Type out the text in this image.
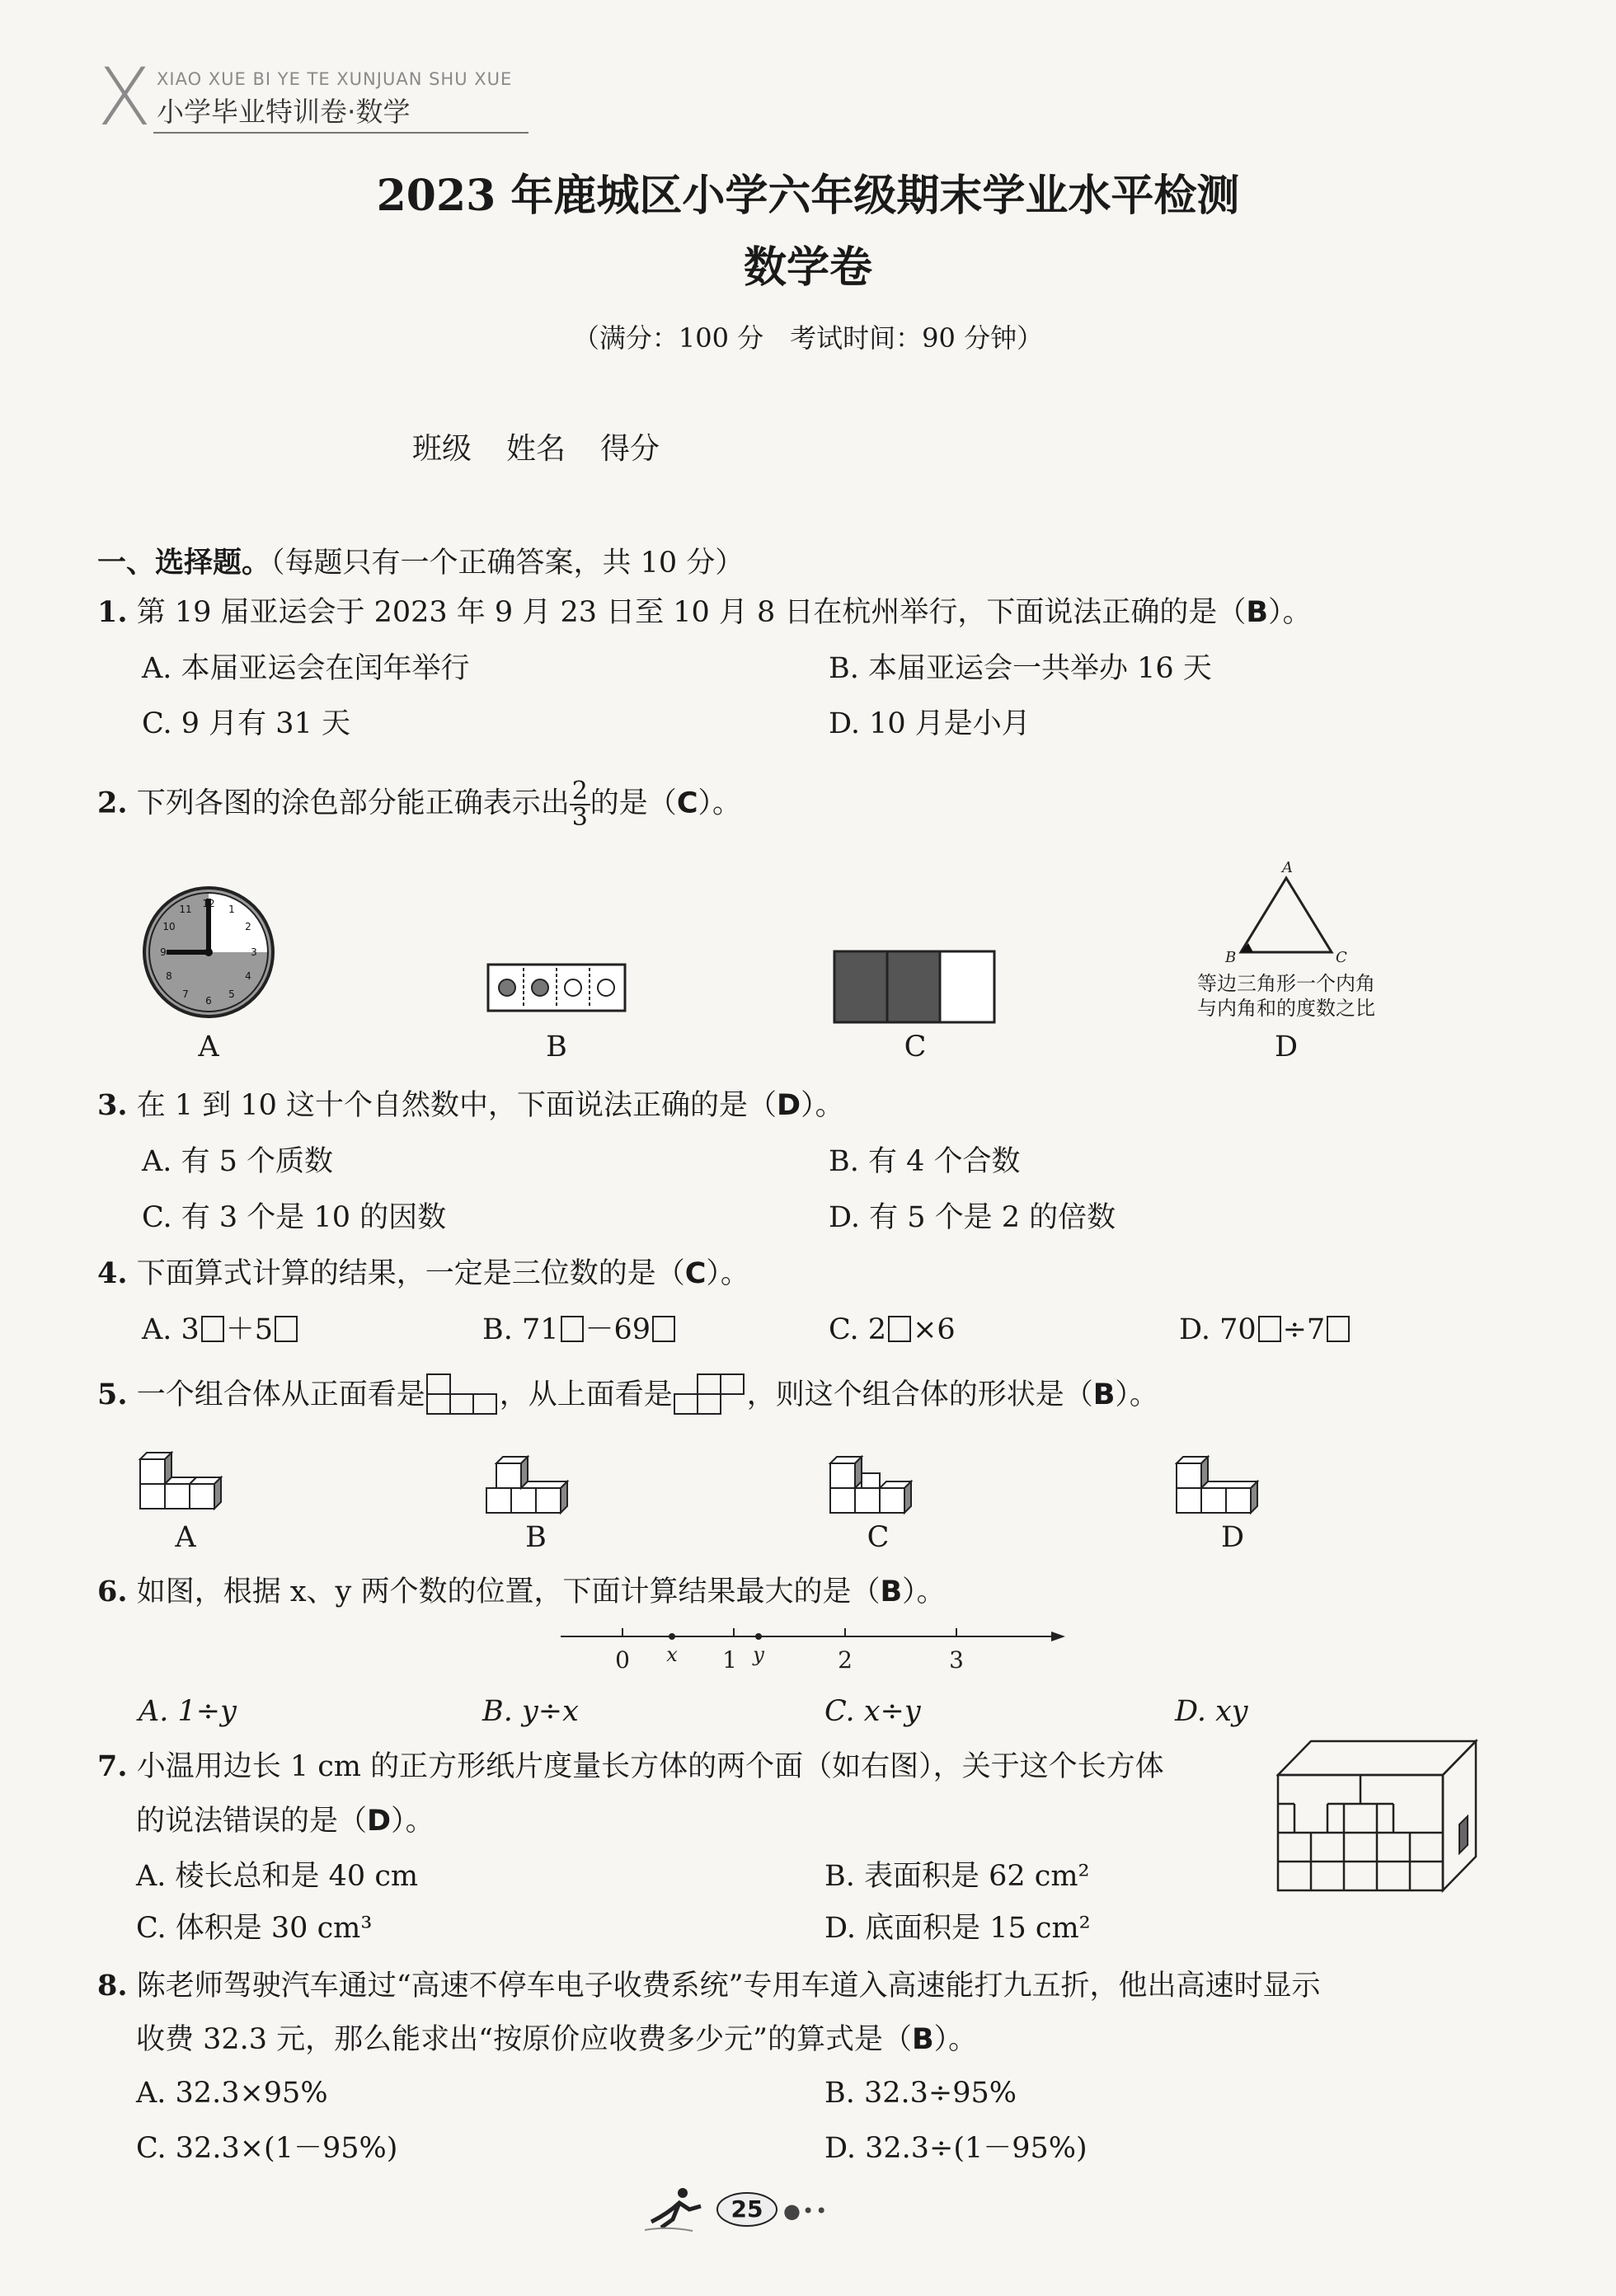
X XIAO XUE BI YE TE XUNJUAN SHU XUE
小学毕业特训卷·数学
2023 年鹿城区小学六年级期末学业水平检测
数学卷
（满分：100 分　考试时间：90 分钟）
班级 姓名 得分
一、选择题。（每题只有一个正确答案，共 10 分）
1. 第 19 届亚运会于 2023 年 9 月 23 日至 10 月 8 日在杭州举行，下面说法正确的是（B）。
A. 本届亚运会在闰年举行	B. 本届亚运会一共举办 16 天
C. 9 月有 31 天	D. 10 月是小月
2. 下列各图的涂色部分能正确表示出 $\frac{2}{3}$ 的是（C）。
12 1
2
3
4
5
6
7
8
9
10
11
A
B	C
等边三角形一个内角
与内角和的度数之比
A	B	C	D
3. 在 1 到 10 这十个自然数中，下面说法正确的是（D）。
A. 有 5 个质数	B. 有 4 个合数
C. 有 3 个是 10 的因数	D. 有 5 个是 2 的倍数
4. 下面算式计算的结果，一定是三位数的是（C）。
A. 3 ＋5	B. 71 －69	C. 2 ×6	D. 70 ÷7
5. 一个组合体从正面看是	，从上面看是	，则这个组合体的形状是（B）。
A	B	C	D
6. 如图，根据 x、y 两个数的位置，下面计算结果最大的是（B）。
0	1	2	3
x	y
A. 1÷y	B. y÷x	C. x÷y	D. xy
7. 小温用边长 1 cm 的正方形纸片度量长方体的两个面（如右图），关于这个长方体
的说法错误的是（D）。
A. 棱长总和是 40 cm	B. 表面积是 62 cm²
C. 体积是 30 cm³	D. 底面积是 15 cm²
8. 陈老师驾驶汽车通过“高速不停车电子收费系统”专用车道入高速能打九五折，他出高速时显示
收费 32.3 元，那么能求出“按原价应收费多少元”的算式是（B）。
A. 32.3×95%	B. 32.3÷95%
C. 32.3×(1－95%)	D. 32.3÷(1－95%)
25	●••
